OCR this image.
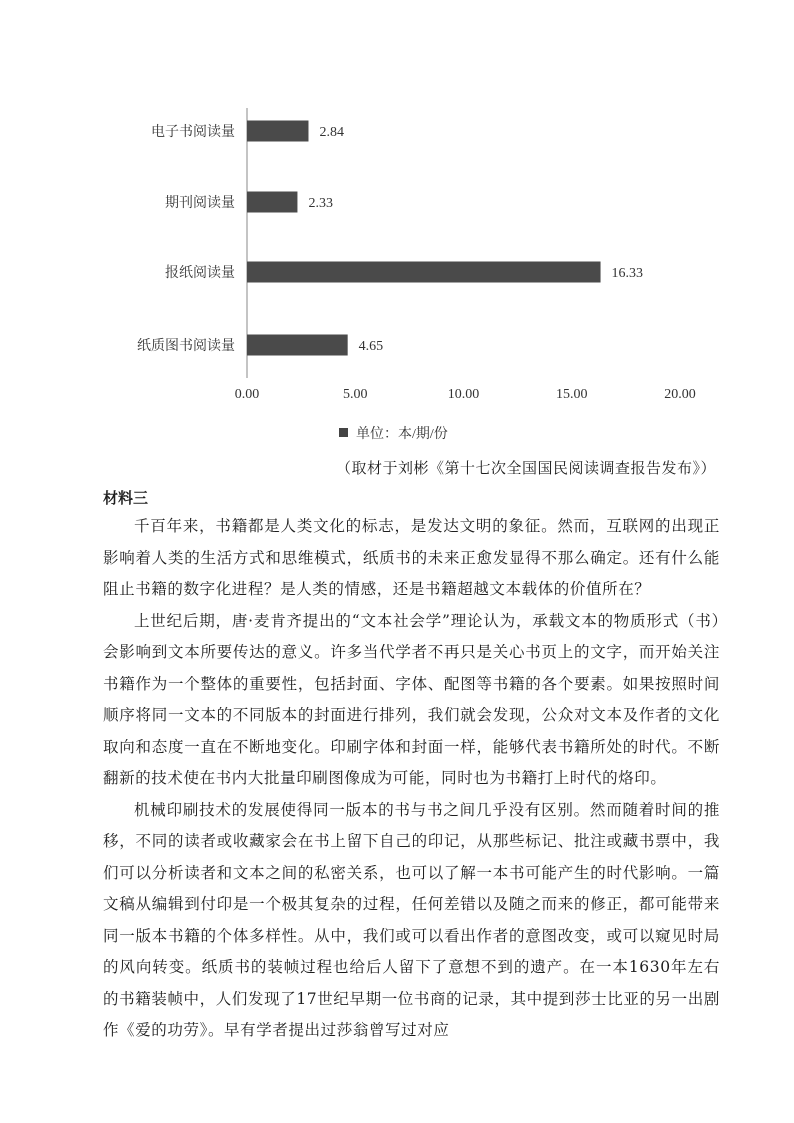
电子书阅读量
期刊阅读量
报纸阅读量
纸质图书阅读量
2.84
2.33
16.33
4.65
0.00	5.00	10.00	15.00	20.00
单位：本/期/份
（取材于刘彬《第十七次全国国民阅读调查报告发布》）
材料三

千百年来，书籍都是人类文化的标志，是发达文明的象征。然而，互联网的出现正影响着人类的生活方式和思维模式，纸质书的未来正愈发显得不那么确定。还有什么能阻止书籍的数字化进程？是人类的情感，还是书籍超越文本载体的价值所在？

上世纪后期，唐·麦肯齐提出的“文本社会学”理论认为，承载文本的物质形式（书）会影响到文本所要传达的意义。许多当代学者不再只是关心书页上的文字，而开始关注书籍作为一个整体的重要性，包括封面、字体、配图等书籍的各个要素。如果按照时间顺序将同一文本的不同版本的封面进行排列，我们就会发现，公众对文本及作者的文化取向和态度一直在不断地变化。印刷字体和封面一样，能够代表书籍所处的时代。不断翻新的技术使在书内大批量印刷图像成为可能，同时也为书籍打上时代的烙印。

机械印刷技术的发展使得同一版本的书与书之间几乎没有区别。然而随着时间的推移，不同的读者或收藏家会在书上留下自己的印记，从那些标记、批注或藏书票中，我们可以分析读者和文本之间的私密关系，也可以了解一本书可能产生的时代影响。一篇文稿从编辑到付印是一个极其复杂的过程，任何差错以及随之而来的修正，都可能带来同一版本书籍的个体多样性。从中，我们或可以看出作者的意图改变，或可以窥见时局的风向转变。纸质书的装帧过程也给后人留下了意想不到的遗产。在一本1630年左右的书籍装帧中，人们发现了17世纪早期一位书商的记录，其中提到莎士比亚的另一出剧作《爱的功劳》。早有学者提出过莎翁曾写过对应
